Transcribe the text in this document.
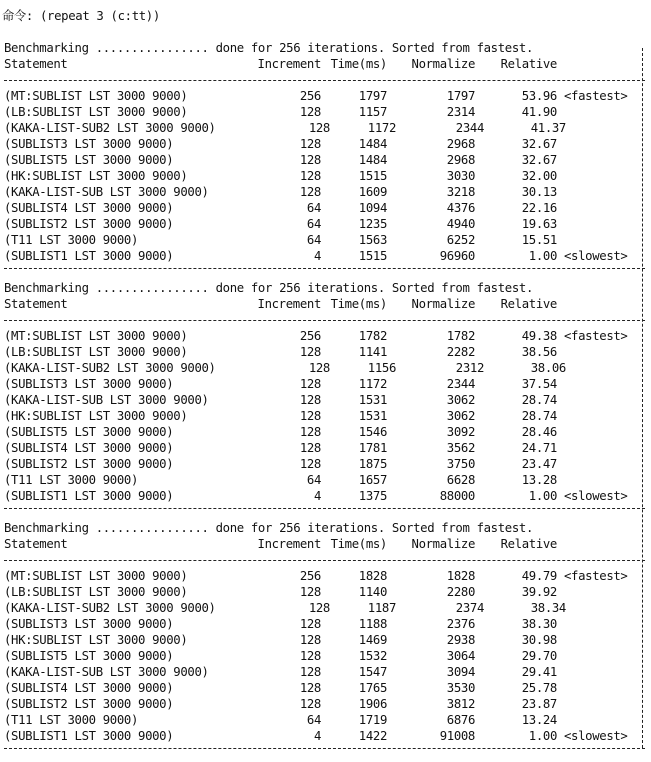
命令: (repeat 3 (c:tt))
Benchmarking ................ done for 256 iterations. Sorted from fastest.
Statement	Increment Time(ms) Normalize Relative
(MT:SUBLIST LST 3000 9000)	256	1797	1797	53.96 <fastest>
(LB:SUBLIST LST 3000 9000)	128	1157	2314	41.90
(KAKA-LIST-SUB2 LST 3000 9000)	128	1172	2344	41.37
(SUBLIST3 LST 3000 9000)	128	1484	2968	32.67
(SUBLIST5 LST 3000 9000)	128	1484	2968	32.67
(HK:SUBLIST LST 3000 9000)	128	1515	3030	32.00
(KAKA-LIST-SUB LST 3000 9000)	128	1609	3218	30.13
(SUBLIST4 LST 3000 9000)	64	1094	4376	22.16
(SUBLIST2 LST 3000 9000)	64	1235	4940	19.63
(T11 LST 3000 9000)	64	1563	6252	15.51
(SUBLIST1 LST 3000 9000)	4	1515	96960	1.00 <slowest>
Benchmarking ................ done for 256 iterations. Sorted from fastest.
Statement	Increment Time(ms) Normalize Relative
(MT:SUBLIST LST 3000 9000)	256	1782	1782	49.38 <fastest>
(LB:SUBLIST LST 3000 9000)	128	1141	2282	38.56
(KAKA-LIST-SUB2 LST 3000 9000)	128	1156	2312	38.06
(SUBLIST3 LST 3000 9000)	128	1172	2344	37.54
(KAKA-LIST-SUB LST 3000 9000)	128	1531	3062	28.74
(HK:SUBLIST LST 3000 9000)	128	1531	3062	28.74
(SUBLIST5 LST 3000 9000)	128	1546	3092	28.46
(SUBLIST4 LST 3000 9000)	128	1781	3562	24.71
(SUBLIST2 LST 3000 9000)	128	1875	3750	23.47
(T11 LST 3000 9000)	64	1657	6628	13.28
(SUBLIST1 LST 3000 9000)	4	1375	88000	1.00 <slowest>
Benchmarking ................ done for 256 iterations. Sorted from fastest.
Statement	Increment Time(ms) Normalize Relative
(MT:SUBLIST LST 3000 9000)	256	1828	1828	49.79 <fastest>
(LB:SUBLIST LST 3000 9000)	128	1140	2280	39.92
(KAKA-LIST-SUB2 LST 3000 9000)	128	1187	2374	38.34
(SUBLIST3 LST 3000 9000)	128	1188	2376	38.30
(HK:SUBLIST LST 3000 9000)	128	1469	2938	30.98
(SUBLIST5 LST 3000 9000)	128	1532	3064	29.70
(KAKA-LIST-SUB LST 3000 9000)	128	1547	3094	29.41
(SUBLIST4 LST 3000 9000)	128	1765	3530	25.78
(SUBLIST2 LST 3000 9000)	128	1906	3812	23.87
(T11 LST 3000 9000)	64	1719	6876	13.24
(SUBLIST1 LST 3000 9000)	4	1422	91008	1.00 <slowest>
